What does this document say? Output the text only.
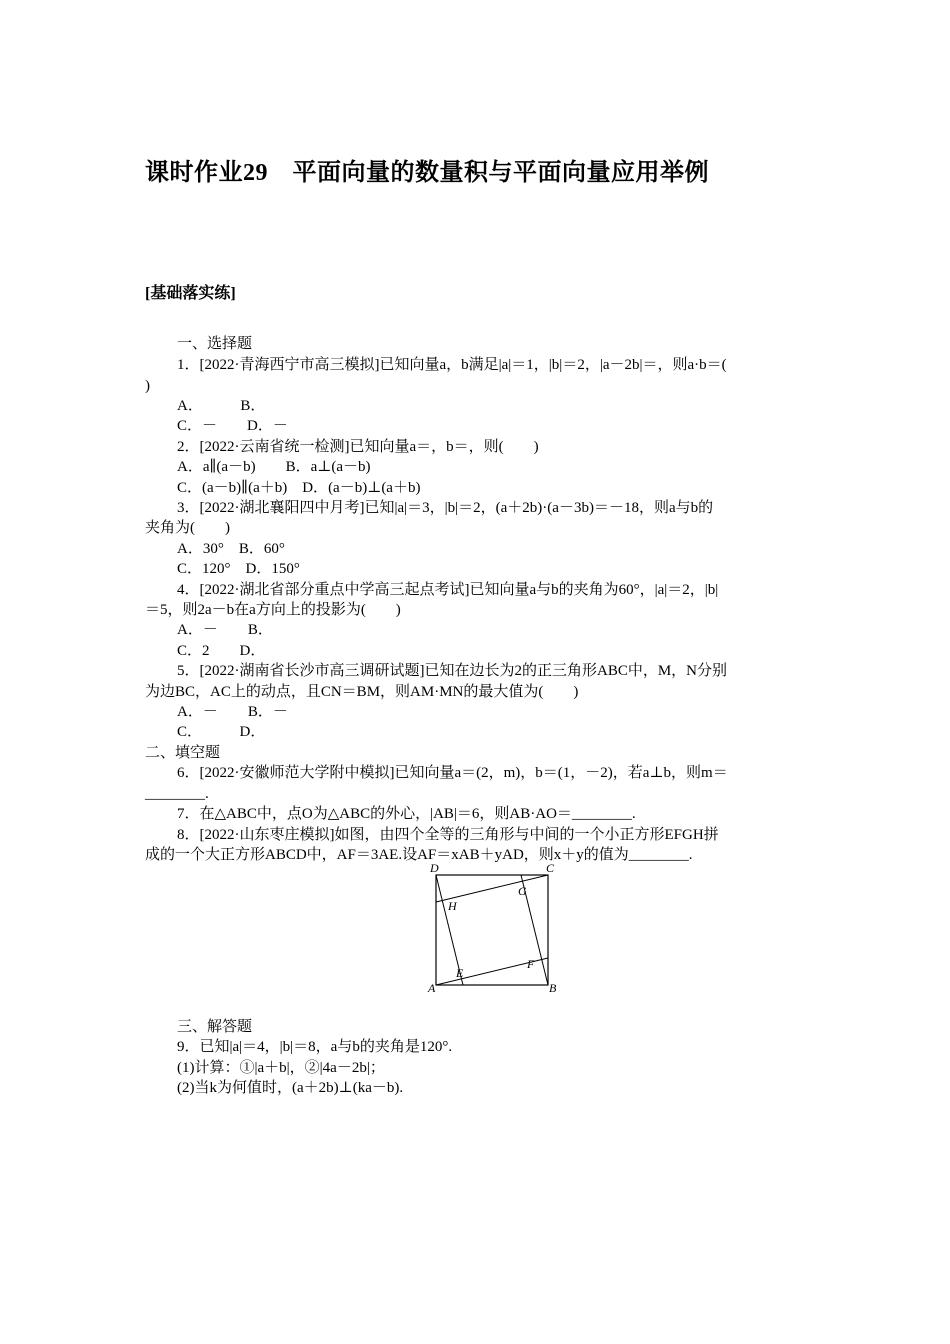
课时作业29　平面向量的数量积与平面向量应用举例
[基础落实练]
一、选择题
1．[2022·青海西宁市高三模拟]已知向量a，b满足|a|＝1，|b|＝2，|a－2b|＝，则a·b＝(
)
A．　　　B．
C．－　　D．－
2．[2022·云南省统一检测]已知向量a＝，b＝，则(　　)
A．a∥(a－b)　　B．a⊥(a－b)
C．(a－b)∥(a＋b)　D．(a－b)⊥(a＋b)
3．[2022·湖北襄阳四中月考]已知|a|＝3，|b|＝2，(a＋2b)·(a－3b)＝－18，则a与b的
夹角为(　　)
A．30°　B．60°
C．120°　D．150°
4．[2022·湖北省部分重点中学高三起点考试]已知向量a与b的夹角为60°，|a|＝2，|b|
＝5，则2a－b在a方向上的投影为(　　)
A．－　　B．
C．2　　D．
5．[2022·湖南省长沙市高三调研试题]已知在边长为2的正三角形ABC中，M，N分别
为边BC，AC上的动点，且CN＝BM，则AM·MN的最大值为(　　)
A．－　　B．－
C．　　　D．
二、填空题
6．[2022·安徽师范大学附中模拟]已知向量a＝(2，m)，b＝(1，－2)，若a⊥b，则m＝
________.
7．在△ABC中，点O为△ABC的外心，|AB|＝6，则AB·AO＝________.
8．[2022·山东枣庄模拟]如图，由四个全等的三角形与中间的一个小正方形EFGH拼
成的一个大正方形ABCD中，AF＝3AE.设AF＝xAB＋yAD，则x＋y的值为________.
A	B
C
D
E
F
G
H
三、解答题
9．已知|a|＝4，|b|＝8，a与b的夹角是120°.
(1)计算：①|a＋b|，②|4a－2b|；
(2)当k为何值时，(a＋2b)⊥(ka－b).
